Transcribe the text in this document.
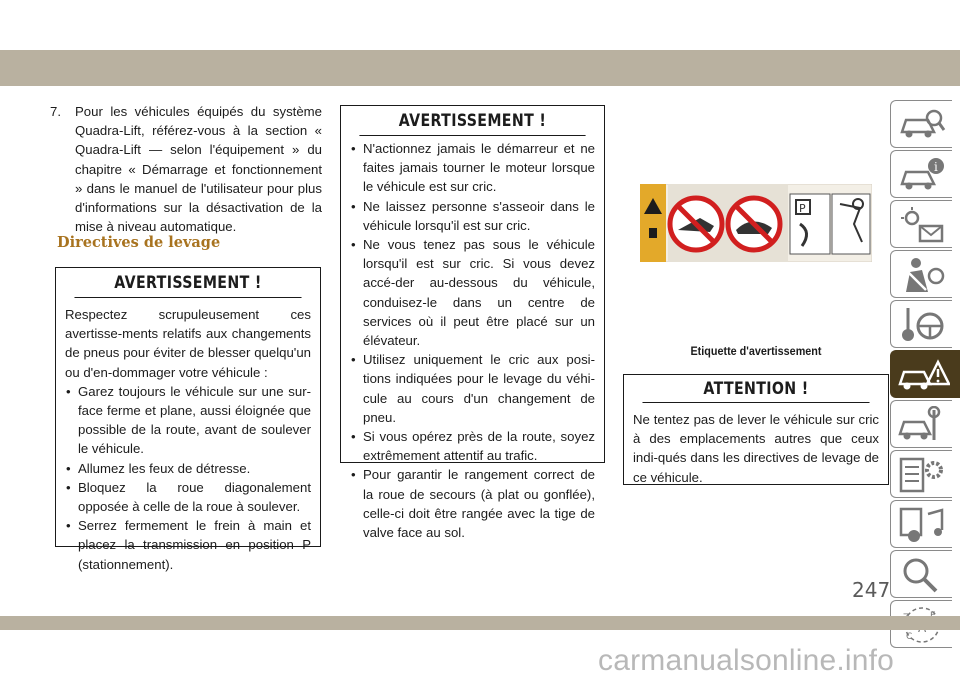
7.	Pour les véhicules équipés du système Quadra-Lift, référez-vous à la section « Quadra-Lift — selon l'équipement » du chapitre « Démarrage et fonctionnement » dans le manuel de l'utilisateur pour plus d'informations sur la désactivation de la mise à niveau automatique.
Directives de levage
AVERTISSEMENT !

Respectez scrupuleusement ces avertisse-ments relatifs aux changements de pneus pour éviter de blesser quelqu'un ou d'en-dommager votre véhicule :

• Garez toujours le véhicule sur une sur-face ferme et plane, aussi éloignée que possible de la route, avant de soulever le véhicule.
• Allumez les feux de détresse.
• Bloquez la roue diagonalement opposée à celle de la roue à soulever.
• Serrez fermement le frein à main et placez la transmission en position P (stationnement).
AVERTISSEMENT !
• N'actionnez jamais le démarreur et ne faites jamais tourner le moteur lorsque le véhicule est sur cric.
• Ne laissez personne s'asseoir dans le véhicule lorsqu'il est sur cric.
• Ne vous tenez pas sous le véhicule lorsqu'il est sur cric. Si vous devez accé-der au-dessous du véhicule, conduisez-le dans un centre de services où il peut être placé sur un élévateur.
• Utilisez uniquement le cric aux posi-tions indiquées pour le levage du véhi-cule au cours d'un changement de pneu.
• Si vous opérez près de la route, soyez extrêmement attentif au trafic.
• Pour garantir le rangement correct de la roue de secours (à plat ou gonflée), celle-ci doit être rangée avec la tige de valve face au sol.
P
Etiquette d'avertissement
ATTENTION !

Ne tentez pas de lever le véhicule sur cric à des emplacements autres que ceux indi-qués dans les directives de levage de ce véhicule.

i
C
247
carmanualsonline.info
